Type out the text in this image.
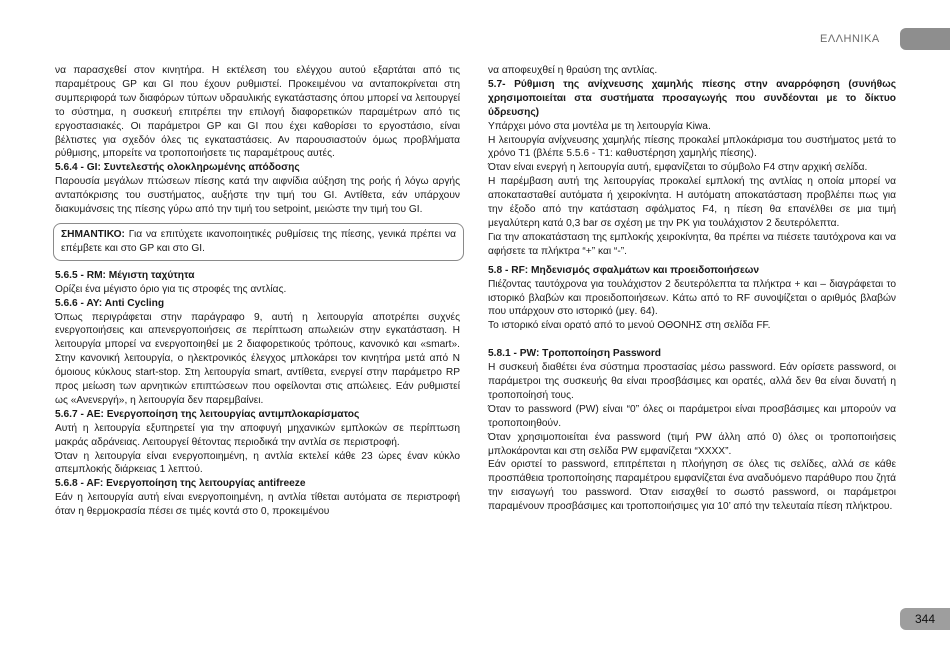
ΕΛΛΗΝΙΚΑ

να παρασχεθεί στον κινητήρα. Η εκτέλεση του ελέγχου αυτού εξαρτάται από τις παραμέτρους GP και GI που έχουν ρυθμιστεί. Προκειμένου να ανταποκρίνεται στη συμπεριφορά των διαφόρων τύπων υδραυλικής εγκατάστασης όπου μπορεί να λειτουργεί το σύστημα, η συσκευή επιτρέπει την επιλογή διαφορετικών παραμέτρων από τις εργοστασιακές. Οι παράμετροι GP και GI που έχει καθορίσει το εργοστάσιο, είναι βέλτιστες για σχεδόν όλες τις εγκαταστάσεις. Αν παρουσιαστούν όμως προβλήματα ρύθμισης, μπορείτε να τροποποιήσετε τις παραμέτρους αυτές.

5.6.4 - GI: Συντελεστής ολοκληρωμένης απόδοσης

Παρουσία μεγάλων πτώσεων πίεσης κατά την αιφνίδια αύξηση της ροής ή λόγω αργής ανταπόκρισης του συστήματος, αυξήστε την τιμή του GI. Αντίθετα, εάν υπάρχουν διακυμάνσεις της πίεσης γύρω από την τιμή του setpoint, μειώστε την τιμή του GI.

ΣΗΜΑΝΤΙΚΟ: Για να επιτύχετε ικανοποιητικές ρυθμίσεις της πίεσης, γενικά πρέπει να επέμβετε και στο GP και στο GI.

5.6.5 - RM: Μέγιστη ταχύτητα

Ορίζει ένα μέγιστο όριο για τις στροφές της αντλίας.

5.6.6 - AY: Anti Cycling

Όπως περιγράφεται στην παράγραφο 9, αυτή η λειτουργία αποτρέπει συχνές ενεργοποιήσεις και απενεργοποιήσεις σε περίπτωση απωλειών στην εγκατάσταση. Η λειτουργία μπορεί να ενεργοποιηθεί με 2 διαφορετικούς τρόπους, κανονικό και «smart». Στην κανονική λειτουργία, ο ηλεκτρονικός έλεγχος μπλοκάρει τον κινητήρα μετά από Ν όμοιους κύκλους start-stop. Στη λειτουργία smart, αντίθετα, ενεργεί στην παράμετρο RP προς μείωση των αρνητικών επιπτώσεων που οφείλονται στις απώλειες. Εάν ρυθμιστεί ως «Ανενεργή», η λειτουργία δεν παρεμβαίνει.

5.6.7 - AE: Ενεργοποίηση της λειτουργίας αντιμπλοκαρίσματος

Αυτή η λειτουργία εξυπηρετεί για την αποφυγή μηχανικών εμπλοκών σε περίπτωση μακράς αδράνειας. Λειτουργεί θέτοντας περιοδικά την αντλία σε περιστροφή.

Όταν η λειτουργία είναι ενεργοποιημένη, η αντλία εκτελεί κάθε 23 ώρες έναν κύκλο απεμπλοκής διάρκειας 1 λεπτού.

5.6.8 - AF: Ενεργοποίηση της λειτουργίας antifreeze

Εάν η λειτουργία αυτή είναι ενεργοποιημένη, η αντλία τίθεται αυτόματα σε περιστροφή όταν η θερμοκρασία πέσει σε τιμές κοντά στο 0, προκειμένου

να αποφευχθεί η θραύση της αντλίας.

5.7- Ρύθμιση της ανίχνευσης χαμηλής πίεσης στην αναρρόφηση (συνήθως χρησιμοποιείται στα συστήματα προσαγωγής που συνδέονται με το δίκτυο ύδρευσης)

Υπάρχει μόνο στα μοντέλα με τη λειτουργία Kiwa.

Η λειτουργία ανίχνευσης χαμηλής πίεσης προκαλεί μπλοκάρισμα του συστήματος μετά το χρόνο T1 (βλέπε 5.5.6 - T1: καθυστέρηση χαμηλής πίεσης).

Όταν είναι ενεργή η λειτουργία αυτή, εμφανίζεται το σύμβολο F4 στην αρχική σελίδα.

Η παρέμβαση αυτή της λειτουργίας προκαλεί εμπλοκή της αντλίας η οποία μπορεί να αποκατασταθεί αυτόματα ή χειροκίνητα. Η αυτόματη αποκατάσταση προβλέπει πως για την έξοδο από την κατάσταση σφάλματος F4, η πίεση θα επανέλθει σε μια τιμή μεγαλύτερη κατά 0,3 bar σε σχέση με την PK για τουλάχιστον 2 δευτερόλεπτα.

Για την αποκατάσταση της εμπλοκής χειροκίνητα, θα πρέπει να πιέσετε ταυτόχρονα και να αφήσετε τα πλήκτρα “+” και “-”.

5.8 - RF: Μηδενισμός σφαλμάτων και προειδοποιήσεων

Πιέζοντας ταυτόχρονα για τουλάχιστον 2 δευτερόλεπτα τα πλήκτρα + και – διαγράφεται το ιστορικό βλαβών και προειδοποιήσεων. Κάτω από το RF συνοψίζεται ο αριθμός βλαβών που υπάρχουν στο ιστορικό (μεγ. 64).

Το ιστορικό είναι ορατό από το μενού ΟΘΟΝΗΣ στη σελίδα FF.

5.8.1 - PW: Τροποποίηση Password

Η συσκευή διαθέτει ένα σύστημα προστασίας μέσω password. Εάν ορίσετε password, οι παράμετροι της συσκευής θα είναι προσβάσιμες και ορατές, αλλά δεν θα είναι δυνατή η τροποποίησή τους.

Όταν το password (PW) είναι “0” όλες οι παράμετροι είναι προσβάσιμες και μπορούν να τροποποιηθούν.

Όταν χρησιμοποιείται ένα password (τιμή PW άλλη από 0) όλες οι τροποποιήσεις μπλοκάρονται και στη σελίδα PW εμφανίζεται “XXXX”.

Εάν οριστεί το password, επιτρέπεται η πλοήγηση σε όλες τις σελίδες, αλλά σε κάθε προσπάθεια τροποποίησης παραμέτρου εμφανίζεται ένα αναδυόμενο παράθυρο που ζητά την εισαγωγή του password. Όταν εισαχθεί το σωστό password, οι παράμετροι παραμένουν προσβάσιμες και τροποποιήσιμες για 10’ από την τελευταία πίεση πλήκτρου.

344
